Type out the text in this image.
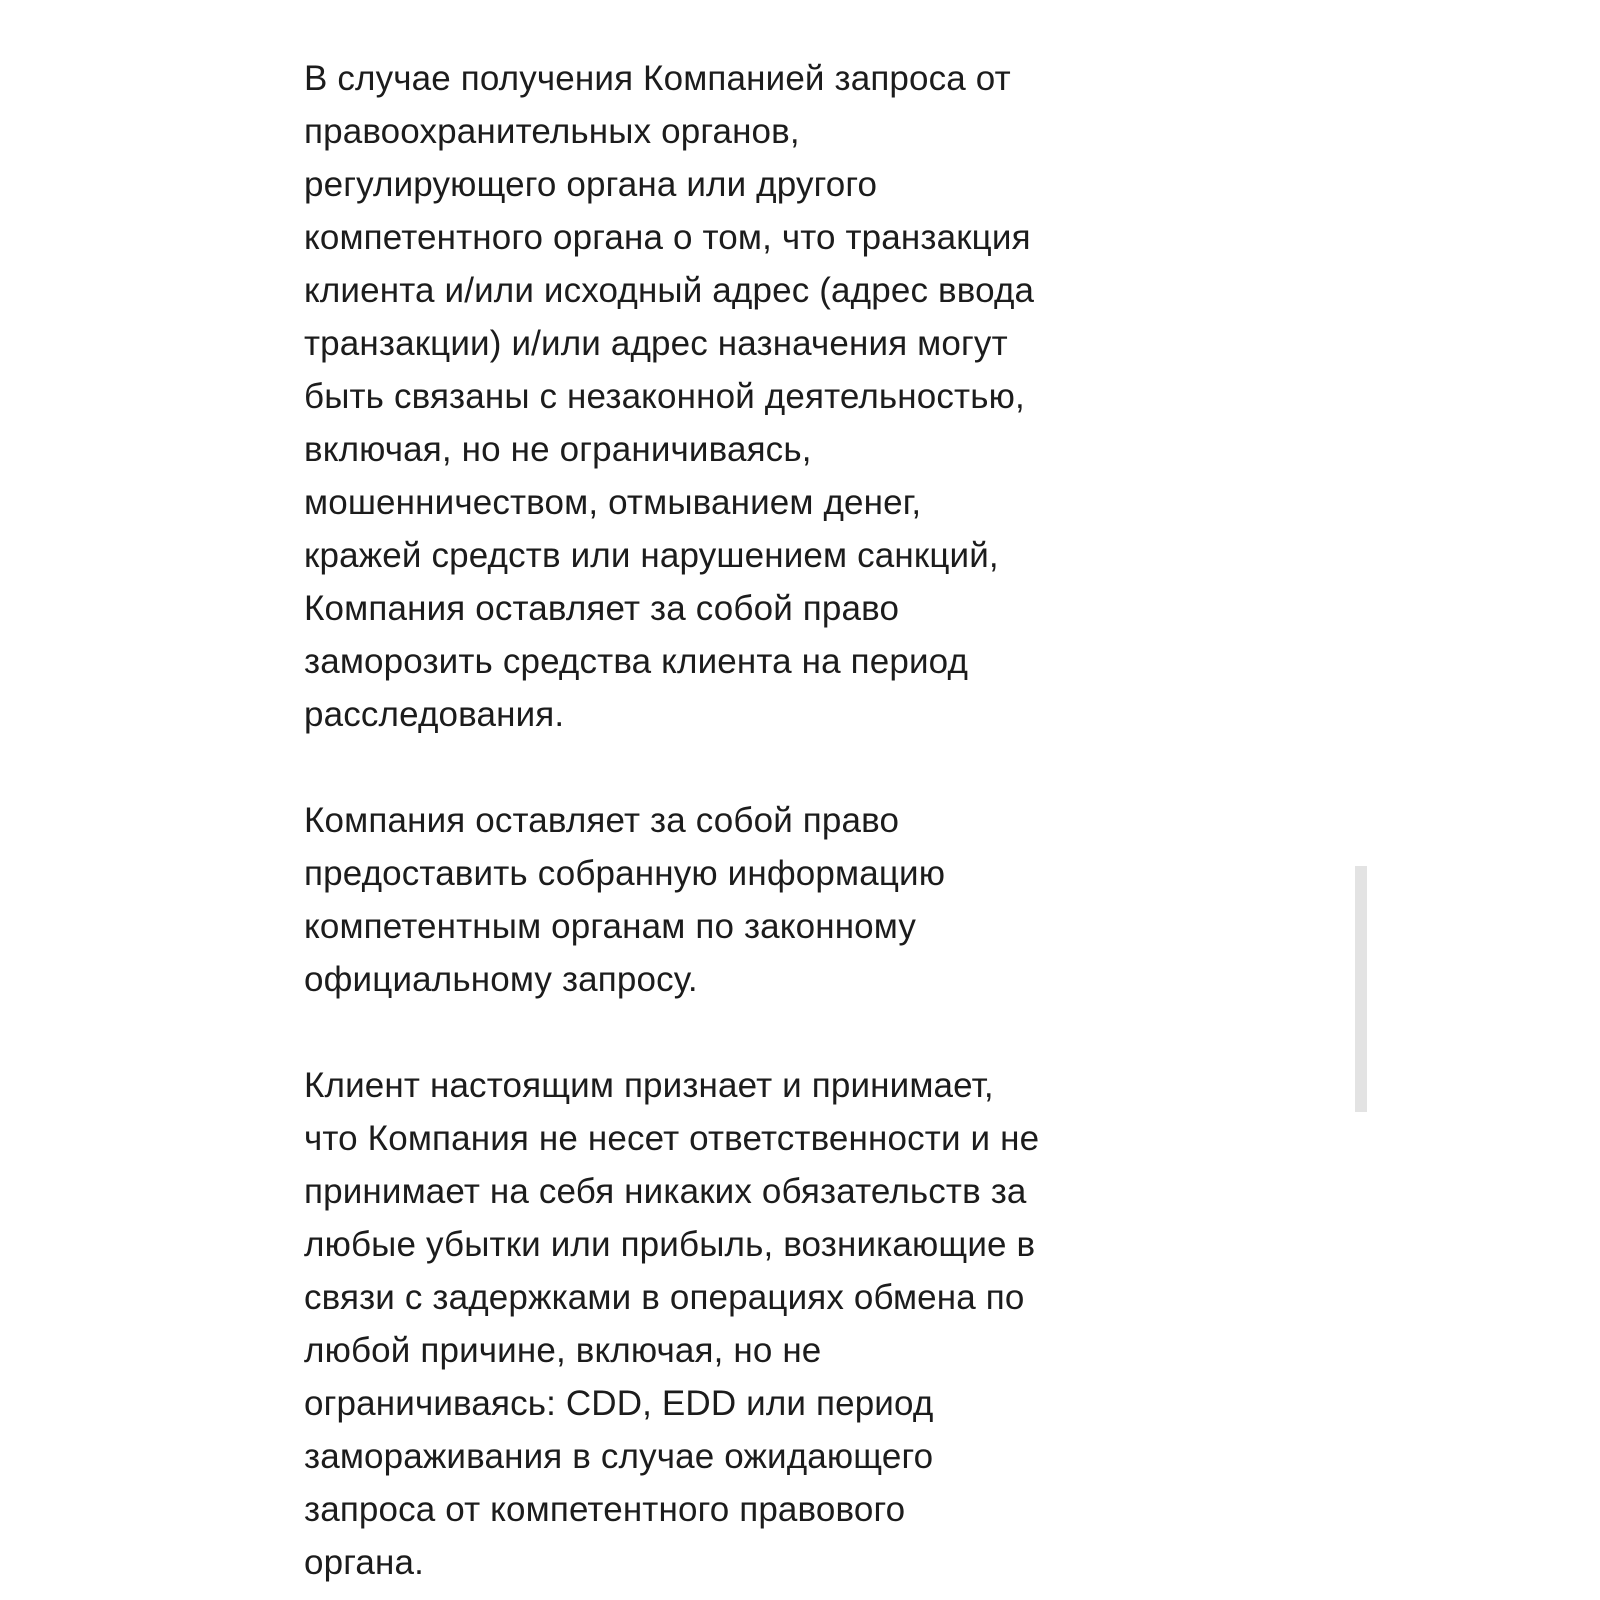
В случае получения Компанией запроса от
правоохранительных органов,
регулирующего органа или другого
компетентного органа о том, что транзакция
клиента и/или исходный адрес (адрес ввода
транзакции) и/или адрес назначения могут
быть связаны с незаконной деятельностью,
включая, но не ограничиваясь,
мошенничеством, отмыванием денег,
кражей средств или нарушением санкций,
Компания оставляет за собой право
заморозить средства клиента на период
расследования.
Компания оставляет за собой право
предоставить собранную информацию
компетентным органам по законному
официальному запросу.
Клиент настоящим признает и принимает,
что Компания не несет ответственности и не
принимает на себя никаких обязательств за
любые убытки или прибыль, возникающие в
связи с задержками в операциях обмена по
любой причине, включая, но не
ограничиваясь: CDD, EDD или период
замораживания в случае ожидающего
запроса от компетентного правового
органа.
